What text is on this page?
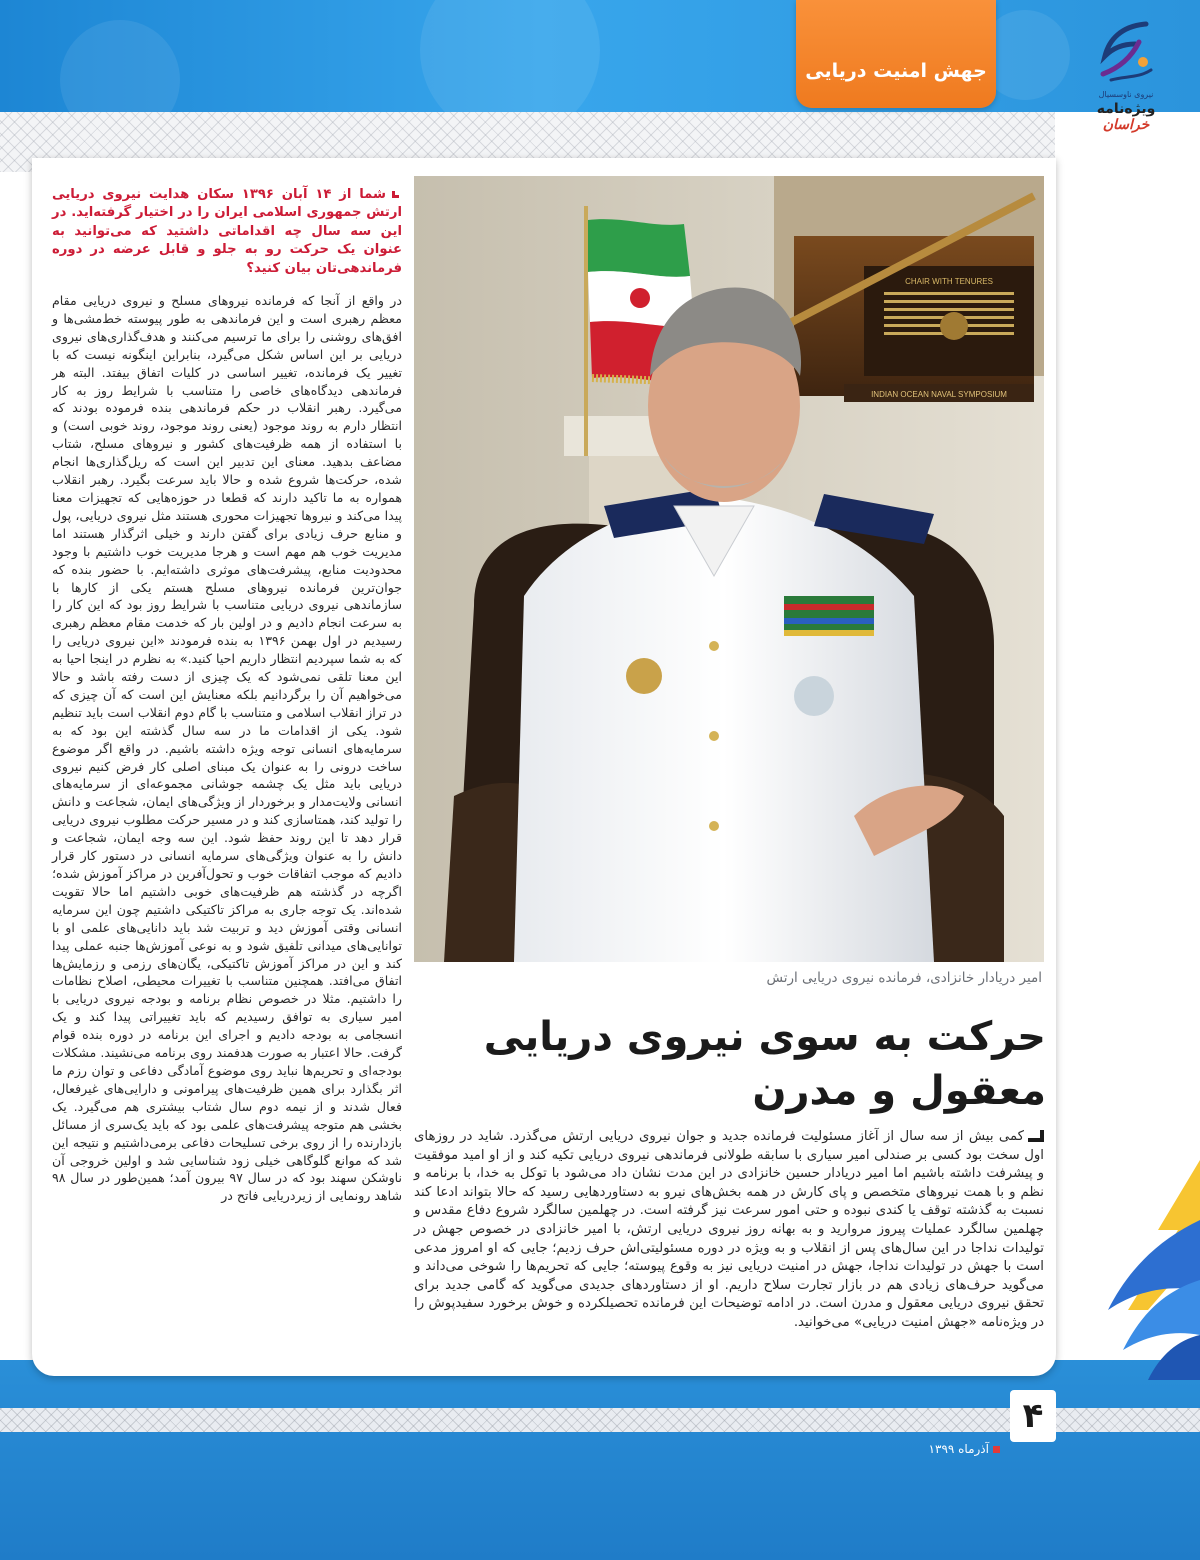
جهش امنیت دریایی
نیروی ناوسسیال
ویژه‌نامه
خراسان
CHAIR WITH TENURES
INDIAN OCEAN NAVAL SYMPOSIUM
امیر دریادار خانزادی، فرمانده نیروی دریایی ارتش
حرکت به سوی نیروی دریایی
معقول و مدرن
کمی بیش از سه سال از آغاز مسئولیت فرمانده جدید و جوان نیروی دریایی ارتش می‌گذرد. شاید در روزهای اول سخت بود کسی بر صندلی امیر سیاری با سابقه طولانی فرماندهی نیروی دریایی تکیه کند و از او امید موفقیت و پیشرفت داشته باشیم اما امیر دریادار حسین خانزادی در این مدت نشان داد می‌شود با توکل به خدا، با برنامه و نظم و با همت نیروهای متخصص و پای کارش در همه بخش‌های نیرو به دستاوردهایی رسید که حالا بتواند ادعا کند نسبت به گذشته توقف یا کندی نبوده و حتی امور سرعت نیز گرفته است. در چهلمین سالگرد شروع دفاع مقدس و چهلمین سالگرد عملیات پیروز مروارید و به بهانه روز نیروی دریایی ارتش، با امیر خانزادی در خصوص جهش در تولیدات نداجا در این سال‌های پس از انقلاب و به ویژه در دوره مسئولیتی‌اش حرف زدیم؛ جایی که او امروز مدعی است با جهش در تولیدات نداجا، جهش در امنیت دریایی نیز به وقوع پیوسته؛ جایی که تحریم‌ها را شوخی می‌داند و می‌گوید حرف‌های زیادی هم در بازار تجارت سلاح داریم. او از دستاوردهای جدیدی می‌گوید که گامی جدید برای تحقق نیروی دریایی معقول و مدرن است. در ادامه توضیحات این فرمانده تحصیلکرده و خوش برخورد سفیدپوش را در ویژه‌نامه «جهش امنیت دریایی» می‌خوانید.
شما از ۱۴ آبان ۱۳۹۶ سکان هدایت نیروی دریایی ارتش جمهوری اسلامی ایران را در اختیار گرفته‌اید. در این سه سال چه اقداماتی داشتید که می‌توانید به عنوان یک حرکت رو به جلو و قابل عرضه در دوره فرماندهی‌تان بیان کنید؟
در واقع از آنجا که فرمانده نیروهای مسلح و نیروی دریایی مقام معظم رهبری است و این فرماندهی به طور پیوسته خط‌مشی‌ها و افق‌های روشنی را برای ما ترسیم می‌کنند و هدف‌گذاری‌های نیروی دریایی بر این اساس شکل می‌گیرد، بنابراین اینگونه نیست که با تغییر یک فرمانده، تغییر اساسی در کلیات اتفاق بیفتد. البته هر فرماندهی دیدگاه‌های خاصی را متناسب با شرایط روز به کار می‌گیرد. رهبر انقلاب در حکم فرماندهی بنده فرموده بودند که انتظار دارم به روند موجود (یعنی روند موجود، روند خوبی است) و با استفاده از همه ظرفیت‌های کشور و نیروهای مسلح، شتاب مضاعف بدهید. معنای این تدبیر این است که ریل‌گذاری‌ها انجام شده، حرکت‌ها شروع شده و حالا باید سرعت بگیرد. رهبر انقلاب همواره به ما تاکید دارند که قطعا در حوزه‌هایی که تجهیزات معنا پیدا می‌کند و نیروها تجهیزات محوری هستند مثل نیروی دریایی، پول و منابع حرف زیادی برای گفتن دارند و خیلی اثرگذار هستند اما مدیریت خوب هم مهم است و هرجا مدیریت خوب داشتیم با وجود محدودیت منابع، پیشرفت‌های موثری داشته‌ایم. با حضور بنده که جوان‌ترین فرمانده نیروهای مسلح هستم یکی از کارها با سازماندهی نیروی دریایی متناسب با شرایط روز بود که این کار را به سرعت انجام دادیم و در اولین بار که خدمت مقام معظم رهبری رسیدیم در اول بهمن ۱۳۹۶ به بنده فرمودند «این نیروی دریایی را که به شما سپردیم انتظار داریم احیا کنید.» به نظرم در اینجا احیا به این معنا تلقی نمی‌شود که یک چیزی از دست رفته باشد و حالا می‌خواهیم آن را برگردانیم بلکه معنایش این است که آن چیزی که در تراز انقلاب اسلامی و متناسب با گام دوم انقلاب است باید تنظیم شود. یکی از اقدامات ما در سه سال گذشته این بود که به سرمایه‌های انسانی توجه ویژه داشته باشیم. در واقع اگر موضوع ساخت درونی را به عنوان یک مبنای اصلی کار فرض کنیم نیروی دریایی باید مثل یک چشمه جوشانی مجموعه‌ای از سرمایه‌های انسانی ولایت‌مدار و برخوردار از ویژگی‌های ایمان، شجاعت و دانش را تولید کند، همتاسازی کند و در مسیر حرکت مطلوب نیروی دریایی قرار دهد تا این روند حفظ شود. این سه وجه ایمان، شجاعت و دانش را به عنوان ویژگی‌های سرمایه انسانی در دستور کار قرار دادیم که موجب اتفاقات خوب و تحول‌آفرین در مراکز آموزش شده؛ اگرچه در گذشته هم ظرفیت‌های خوبی داشتیم اما حالا تقویت شده‌اند. یک توجه جاری به مراکز تاکتیکی داشتیم چون این سرمایه انسانی وقتی آموزش دید و تربیت شد باید دانایی‌های علمی او با توانایی‌های میدانی تلفیق شود و به نوعی آموزش‌ها جنبه عملی پیدا کند و این در مراکز آموزش تاکتیکی، یگان‌های رزمی و رزمایش‌ها اتفاق می‌افتد. همچنین متناسب با تغییرات محیطی، اصلاح نظامات را داشتیم. مثلا در خصوص نظام برنامه و بودجه نیروی دریایی با امیر سیاری به توافق رسیدیم که باید تغییراتی پیدا کند و یک انسجامی به بودجه دادیم و اجرای این برنامه در دوره بنده قوام گرفت. حالا اعتبار به صورت هدفمند روی برنامه می‌نشیند. مشکلات بودجه‌ای و تحریم‌ها نباید روی موضوع آمادگی دفاعی و توان رزم ما اثر بگذارد برای همین ظرفیت‌های پیرامونی و دارایی‌های غیرفعال، فعال شدند و از نیمه دوم سال شتاب بیشتری هم می‌گیرد. یک بخشی هم متوجه پیشرفت‌های علمی بود که باید یک‌سری از مسائل بازدارنده را از روی برخی تسلیحات دفاعی برمی‌داشتیم و نتیجه این شد که موانع گلوگاهی خیلی زود شناسایی شد و اولین خروجی آن ناوشکن سهند بود که در سال ۹۷ بیرون آمد؛ همین‌طور در سال ۹۸ شاهد رونمایی از زیردریایی فاتح در
۴
آذرماه ۱۳۹۹
